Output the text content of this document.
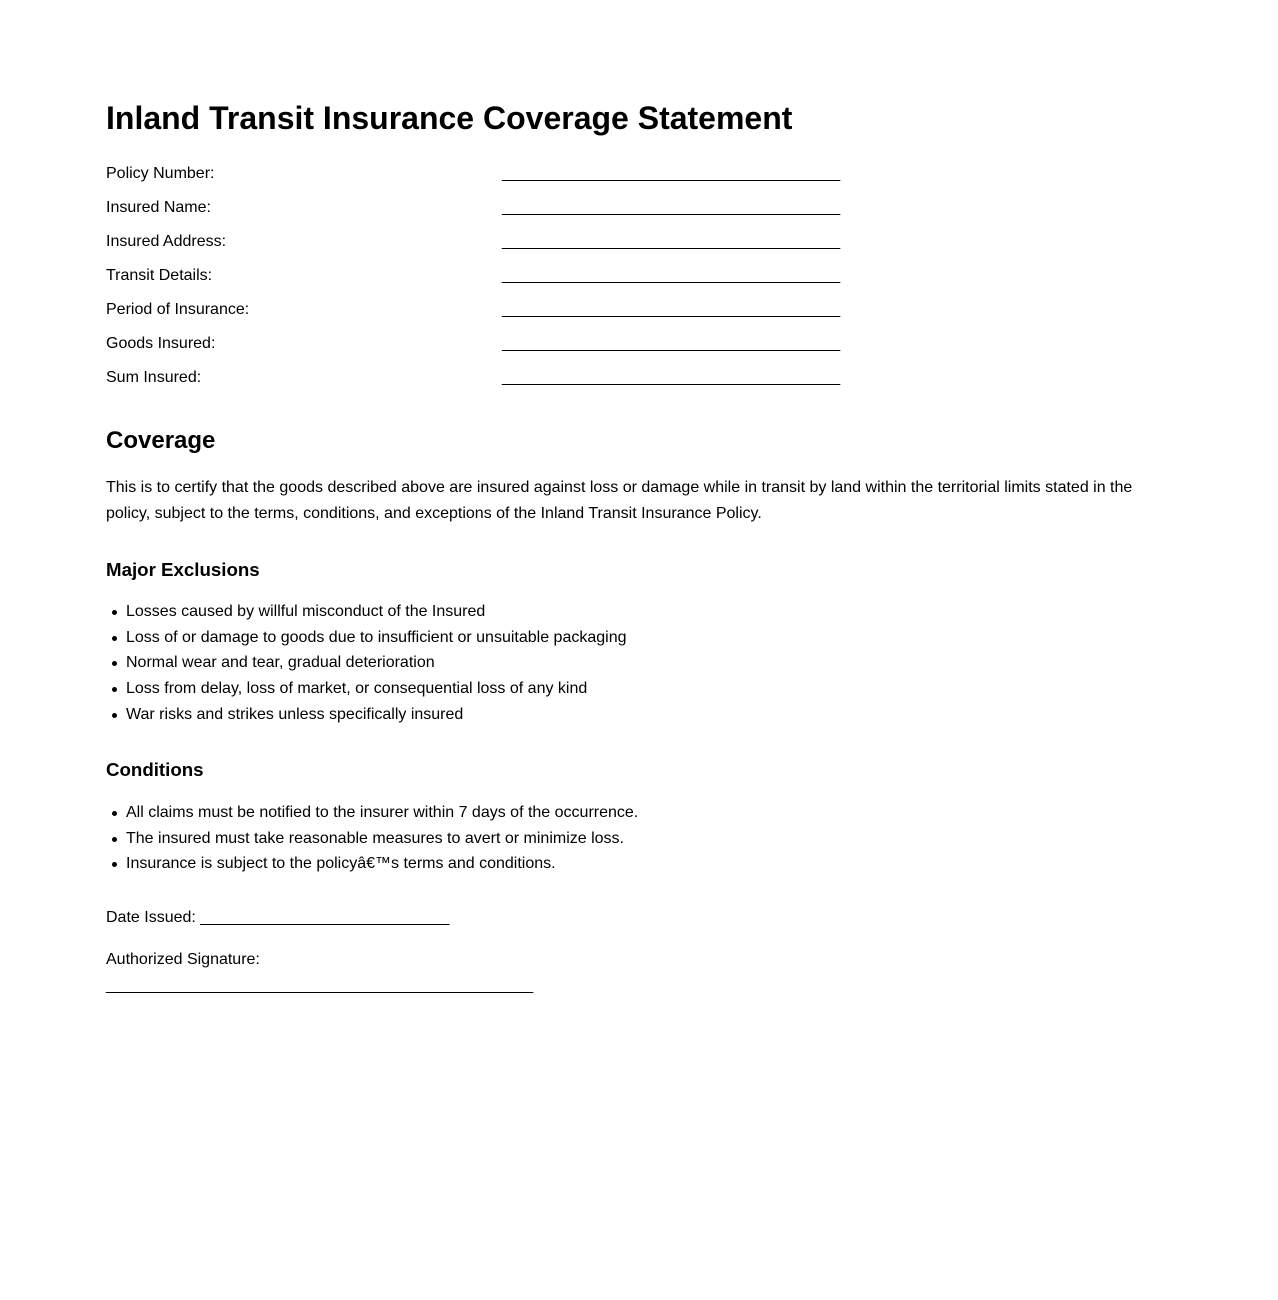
Inland Transit Insurance Coverage Statement
Policy Number:	______________________________________
Insured Name:	______________________________________
Insured Address:	______________________________________
Transit Details:	______________________________________
Period of Insurance:	______________________________________
Goods Insured:	______________________________________
Sum Insured:	______________________________________
Coverage

This is to certify that the goods described above are insured against loss or damage while in transit by land within the territorial limits stated in the policy, subject to the terms, conditions, and exceptions of the Inland Transit Insurance Policy.

Major Exclusions
Losses caused by willful misconduct of the Insured
Loss of or damage to goods due to insufficient or unsuitable packaging
Normal wear and tear, gradual deterioration
Loss from delay, loss of market, or consequential loss of any kind
War risks and strikes unless specifically insured
Conditions
All claims must be notified to the insurer within 7 days of the occurrence.
The insured must take reasonable measures to avert or minimize loss.
Insurance is subject to the policyâ€™s terms and conditions.
Date Issued: ____________________________
Authorized Signature:
________________________________________________
